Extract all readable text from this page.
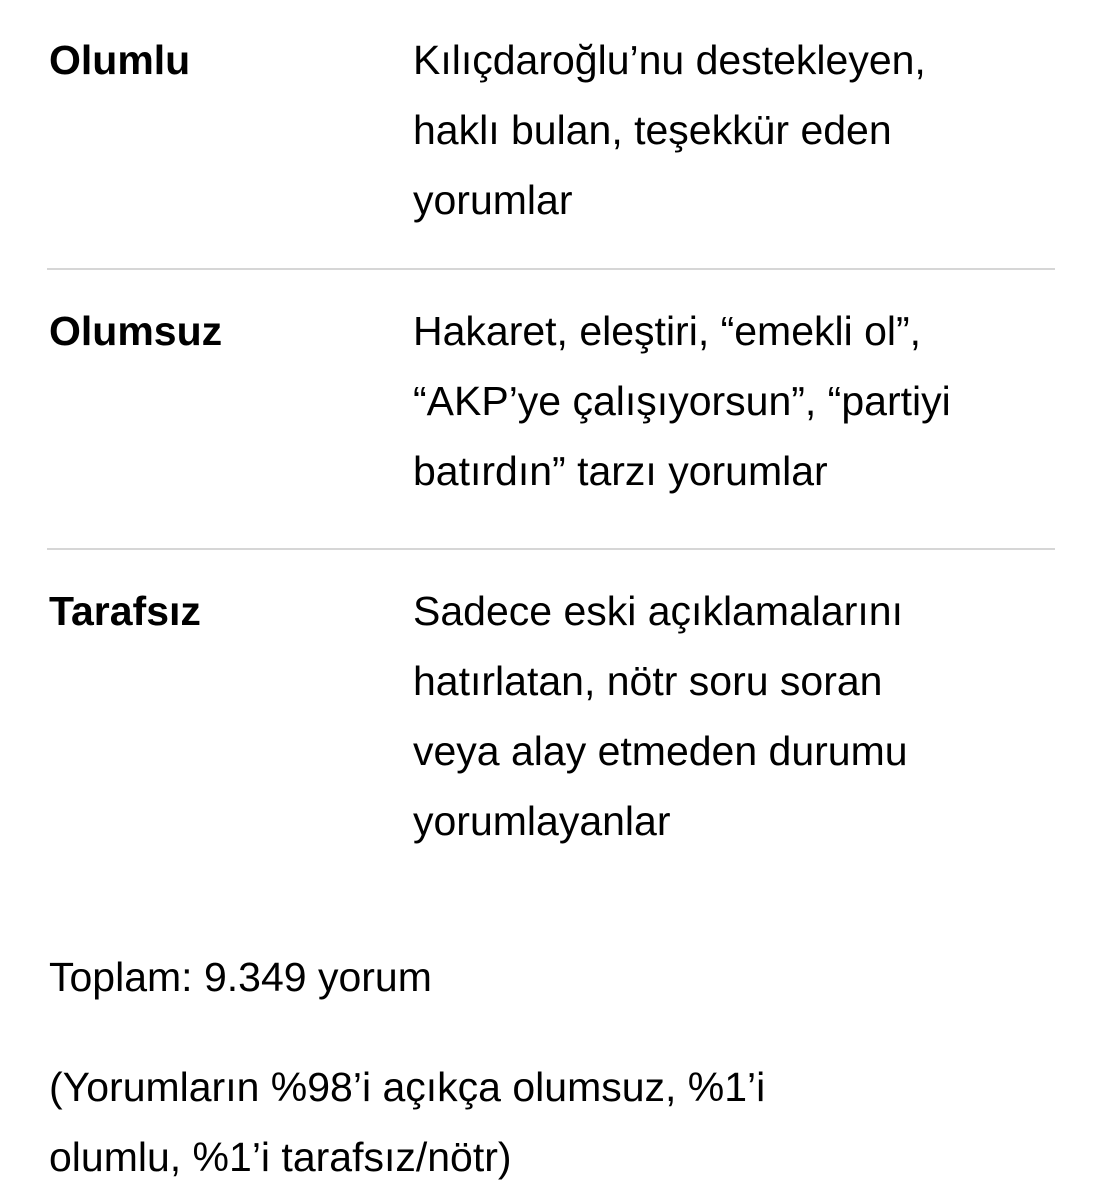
Olumlu	Kılıçdaroğlu’nu destekleyen,
haklı bulan, teşekkür eden
yorumlar
Olumsuz	Hakaret, eleştiri, “emekli ol”,
“AKP’ye çalışıyorsun”, “partiyi
batırdın” tarzı yorumlar
Tarafsız	Sadece eski açıklamalarını
hatırlatan, nötr soru soran
veya alay etmeden durumu
yorumlayanlar
Toplam: 9.349 yorum
(Yorumların %98’i açıkça olumsuz, %1’i
olumlu, %1’i tarafsız/nötr)
